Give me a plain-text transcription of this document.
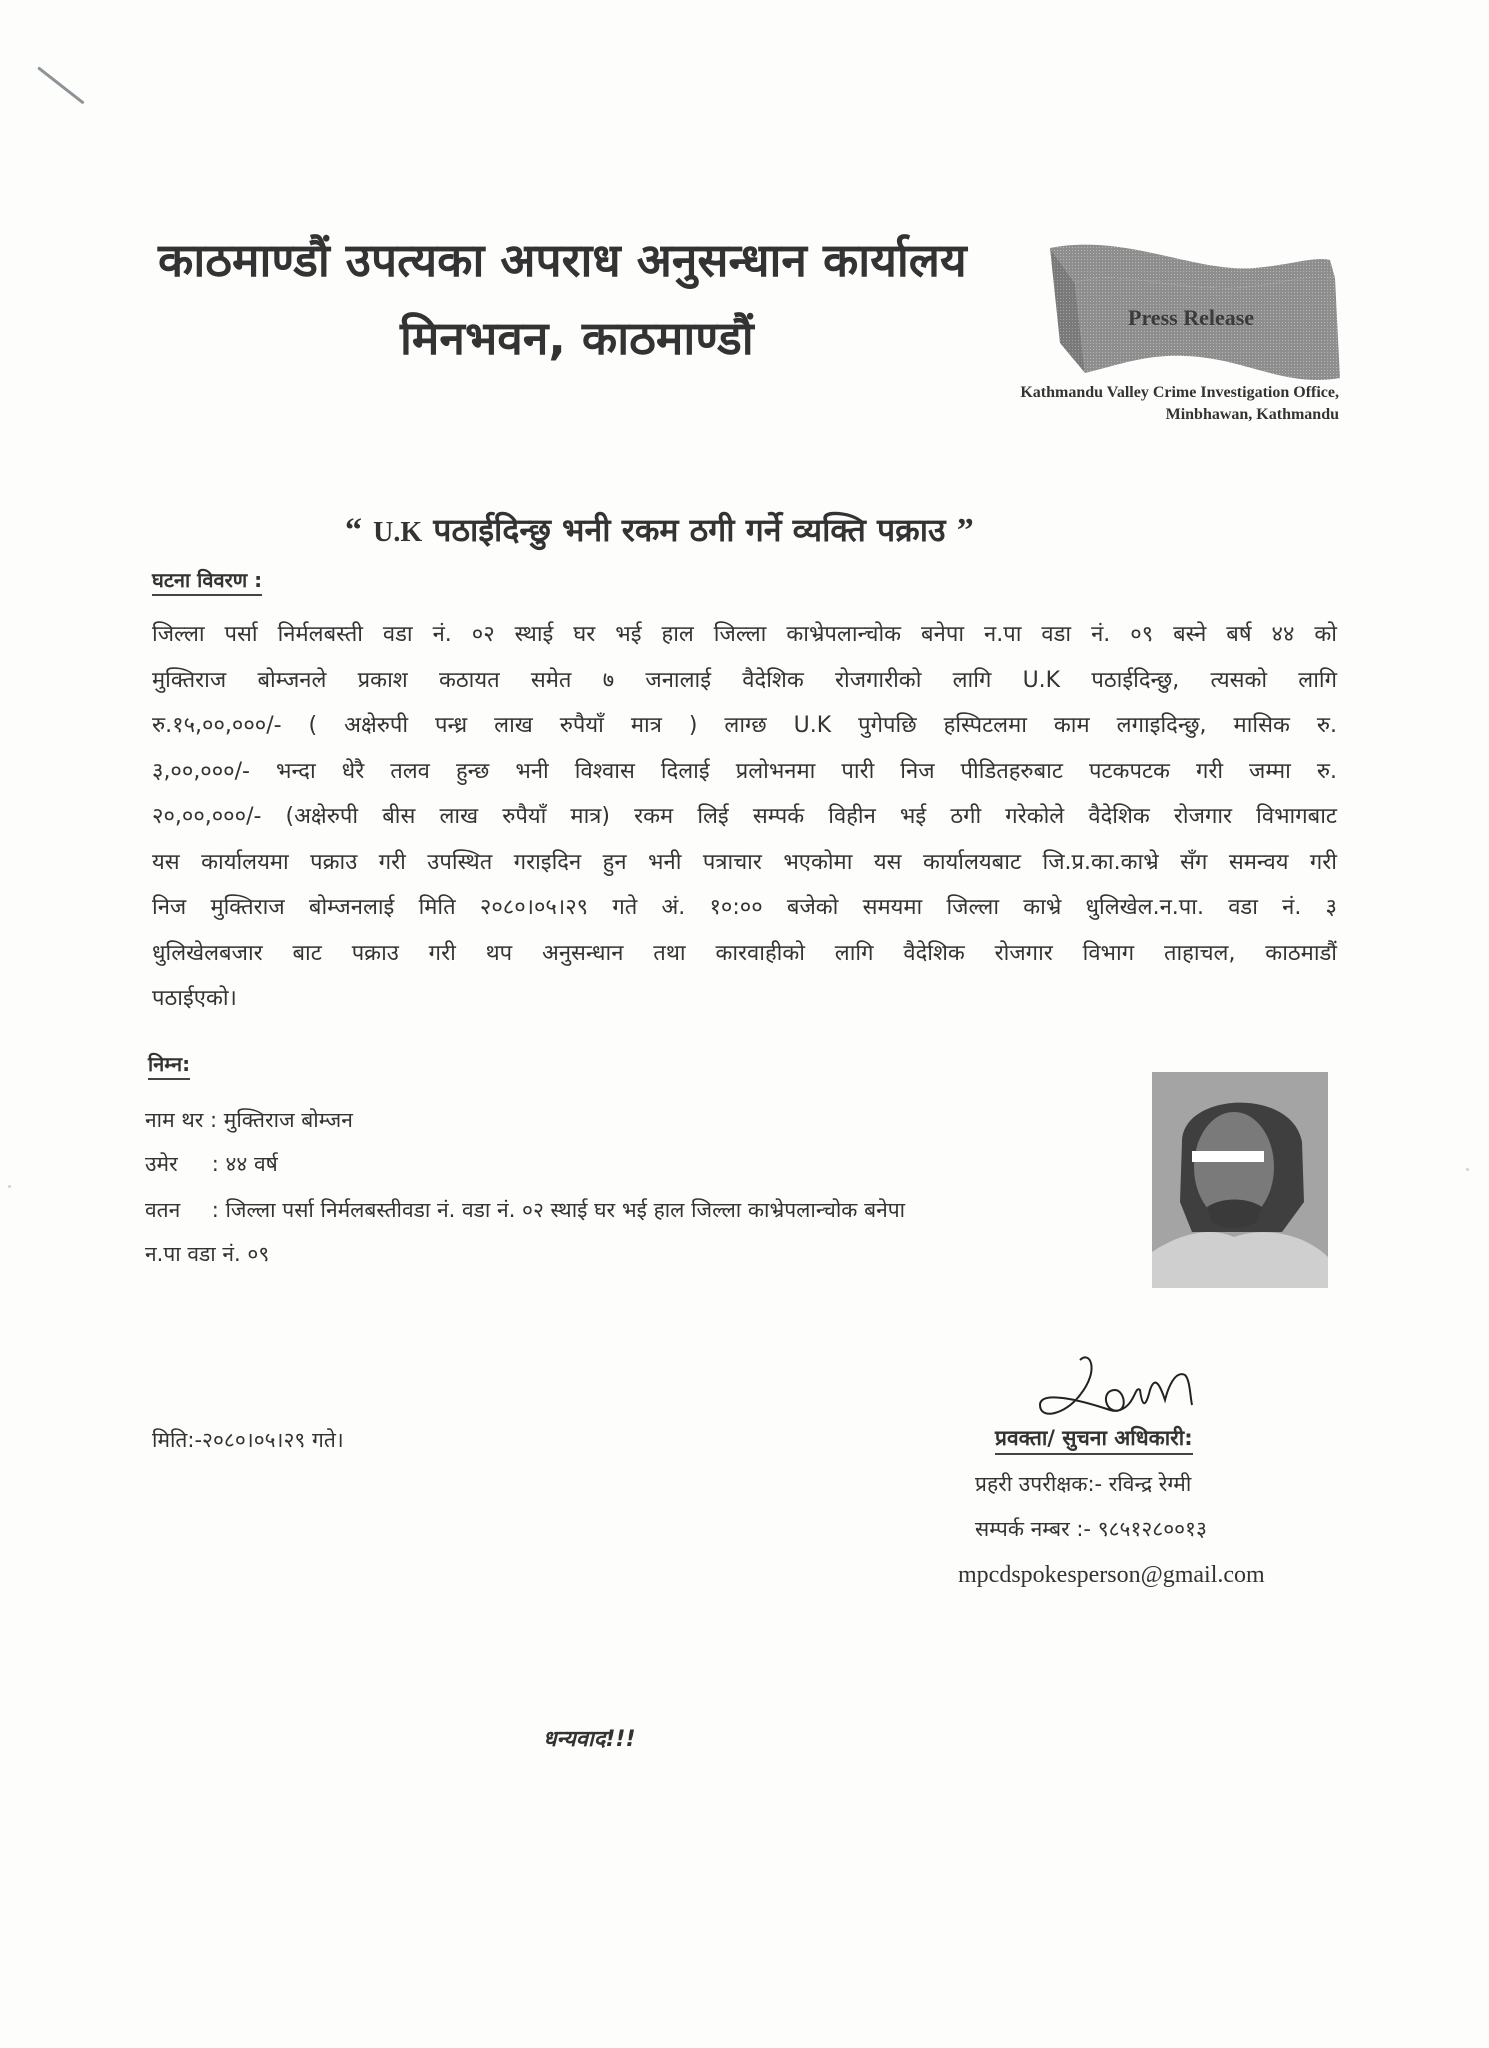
काठमाण्डौं उपत्यका अपराध अनुसन्धान कार्यालय
मिनभवन, काठमाण्डौं	Press Release
Kathmandu Valley Crime Investigation Office,
Minbhawan, Kathmandu
“ U.K पठाईदिन्छु भनी रकम ठगी गर्ने व्यक्ति पक्राउ ”
घटना विवरण :
जिल्ला पर्सा निर्मलबस्ती वडा नं. ०२ स्थाई घर भई हाल जिल्ला काभ्रेपलान्चोक बनेपा न.पा वडा नं. ०९ बस्ने बर्ष ४४ को
मुक्तिराज बोम्जनले प्रकाश कठायत समेत ७ जनालाई वैदेशिक रोजगारीको लागि U.K पठाईदिन्छु, त्यसको लागि
रु.१५,००,०००/- ( अक्षेरुपी पन्ध्र लाख रुपैयाँ मात्र ) लाग्छ U.K पुगेपछि हस्पिटलमा काम लगाइदिन्छु, मासिक रु.
३,००,०००/- भन्दा धेरै तलव हुन्छ भनी विश्वास दिलाई प्रलोभनमा पारी निज पीडितहरुबाट पटकपटक गरी जम्मा रु.
२०,००,०००/- (अक्षेरुपी बीस लाख रुपैयाँ मात्र) रकम लिई सम्पर्क विहीन भई ठगी गरेकोले वैदेशिक रोजगार विभागबाट
यस कार्यालयमा पक्राउ गरी उपस्थित गराइदिन हुन भनी पत्राचार भएकोमा यस कार्यालयबाट जि.प्र.का.काभ्रे सँग समन्वय गरी
निज मुक्तिराज बोम्जनलाई मिति २०८०।०५।२९ गते अं. १०:०० बजेको समयमा जिल्ला काभ्रे धुलिखेल.न.पा. वडा नं. ३
धुलिखेलबजार बाट पक्राउ गरी थप अनुसन्धान तथा कारवाहीको लागि वैदेशिक रोजगार विभाग ताहाचल, काठमाडौं
पठाईएको।
निम्न:
नाम थर : मुक्तिराज बोम्जन
उमेर : ४४ वर्ष
वतन : जिल्ला पर्सा निर्मलबस्तीवडा नं. वडा नं. ०२ स्थाई घर भई हाल जिल्ला काभ्रेपलान्चोक बनेपा
न.पा वडा नं. ०९
मिति:-२०८०।०५।२९ गते।	प्रवक्ता/ सुचना अधिकारी:
प्रहरी उपरीक्षक:- रविन्द्र रेग्मी
सम्पर्क नम्बर :- ९८५१२८००१३
mpcdspokesperson@gmail.com
धन्यवाद!!!
